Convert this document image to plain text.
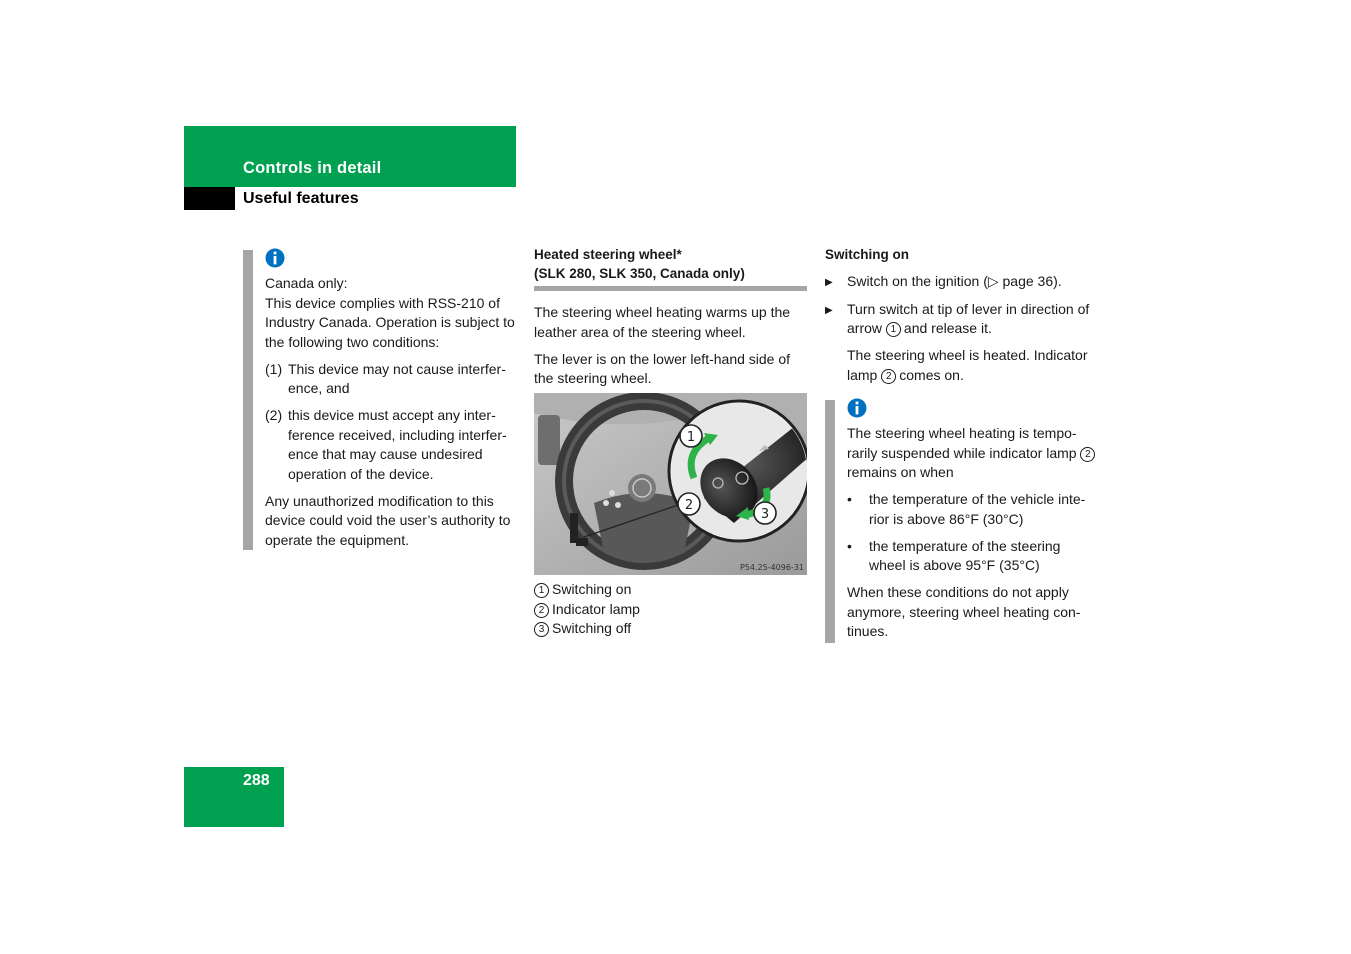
Controls in detail
Useful features
Canada only:

This device complies with RSS-210 of Industry Canada. Operation is subject to the following two conditions:

(1) This device may not cause interfer-ence, and
(2) this device must accept any inter-ference received, including interfer-ence that may cause undesired operation of the device.

Any unauthorized modification to this device could void the user’s authority to operate the equipment.

Heated steering wheel*
(SLK 280, SLK 350, Canada only)

The steering wheel heating warms up the leather area of the steering wheel.

The lever is on the lower left-hand side of the steering wheel.

1
2
3
P54.25-4096-31
1 Switching on
2 Indicator lamp
3 Switching off
Switching on
▶	Switch on the ignition (▷ page 36).
▶	Turn switch at tip of lever in direction of arrow 1 and release it.
The steering wheel is heated. Indicator lamp 2 comes on.

The steering wheel heating is tempo-rarily suspended while indicator lamp 2remains on when

•	the temperature of the vehicle inte-rior is above 86°F (30°C)
•	the temperature of the steering wheel is above 95°F (35°C)

When these conditions do not apply anymore, steering wheel heating con-tinues.

288
